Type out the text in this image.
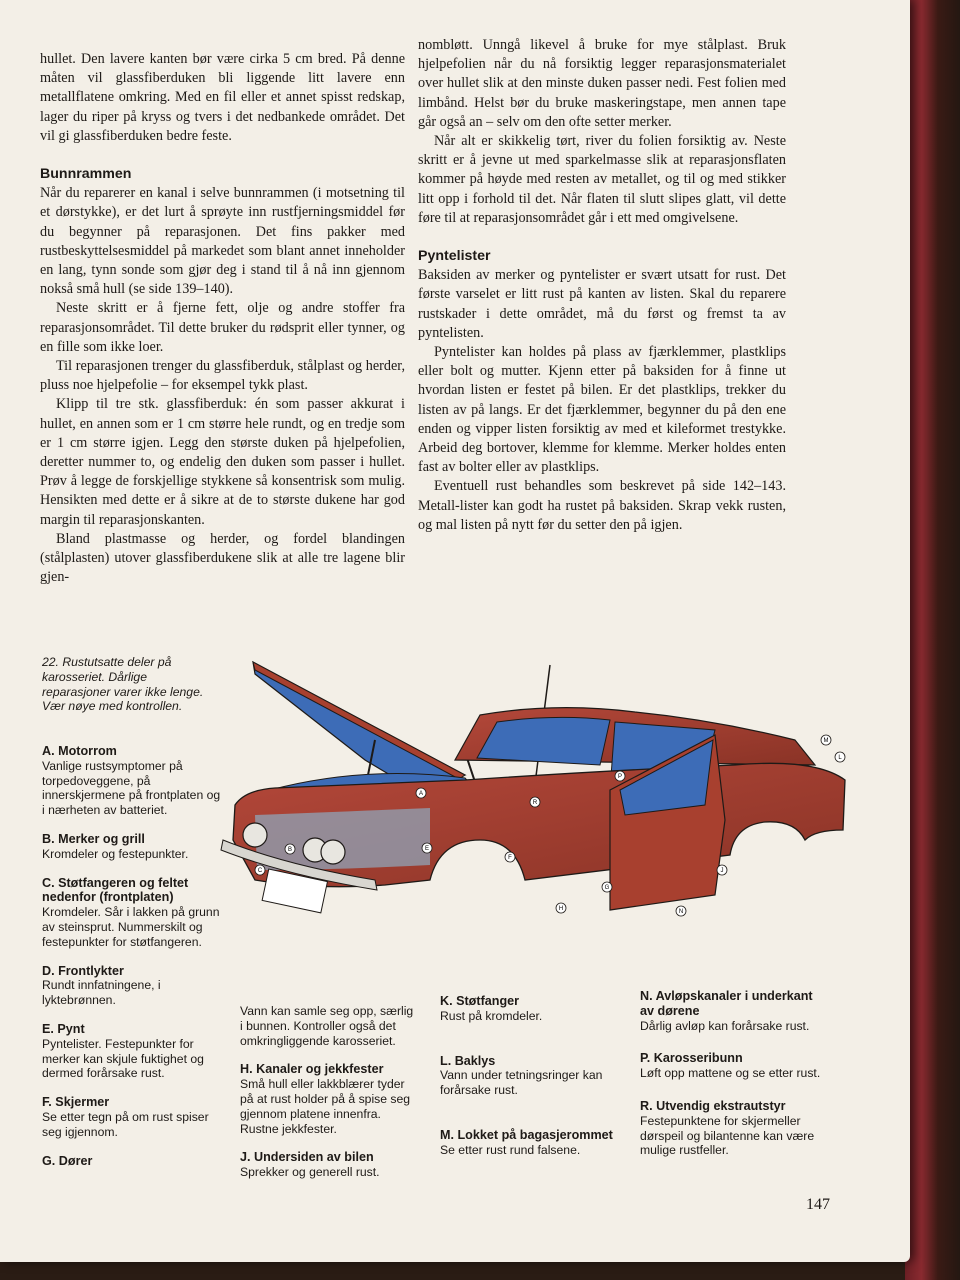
hullet. Den lavere kanten bør være cirka 5 cm bred. På denne måten vil glassfiberduken bli liggende litt lavere enn metallflatene omkring. Med en fil eller et annet spisst redskap, lager du riper på kryss og tvers i det nedbankede området. Det vil gi glassfiberduken bedre feste.

Bunnrammen

Når du reparerer en kanal i selve bunnrammen (i motsetning til et dørstykke), er det lurt å sprøyte inn rustfjerningsmiddel før du begynner på reparasjonen. Det fins pakker med rustbeskyttelsesmiddel på markedet som blant annet inneholder en lang, tynn sonde som gjør deg i stand til å nå inn gjennom nokså små hull (se side 139–140).

Neste skritt er å fjerne fett, olje og andre stoffer fra reparasjonsområdet. Til dette bruker du rødsprit eller tynner, og en fille som ikke loer.

Til reparasjonen trenger du glassfiberduk, stålplast og herder, pluss noe hjelpefolie – for eksempel tykk plast.

Klipp til tre stk. glassfiberduk: én som passer akkurat i hullet, en annen som er 1 cm større hele rundt, og en tredje som er 1 cm større igjen. Legg den største duken på hjelpefolien, deretter nummer to, og endelig den duken som passer i hullet. Prøv å legge de forskjellige stykkene så konsentrisk som mulig. Hensikten med dette er å sikre at de to største dukene har god margin til reparasjonskanten.

Bland plastmasse og herder, og fordel blandingen (stålplasten) utover glassfiberdukene slik at alle tre lagene blir gjen-

nombløtt. Unngå likevel å bruke for mye stålplast. Bruk hjelpefolien når du nå forsiktig legger reparasjonsmaterialet over hullet slik at den minste duken passer nedi. Fest folien med limbånd. Helst bør du bruke maskeringstape, men annen tape går også an – selv om den ofte setter merker.

Når alt er skikkelig tørt, river du folien forsiktig av. Neste skritt er å jevne ut med sparkelmasse slik at reparasjonsflaten kommer på høyde med resten av metallet, og til og med stikker litt opp i forhold til det. Når flaten til slutt slipes glatt, vil dette føre til at reparasjonsområdet går i ett med omgivelsene.

Pyntelister

Baksiden av merker og pyntelister er svært utsatt for rust. Det første varselet er litt rust på kanten av listen. Skal du reparere rustskader i dette området, må du først og fremst ta av pyntelisten.

Pyntelister kan holdes på plass av fjærklemmer, plastklips eller bolt og mutter. Kjenn etter på baksiden for å finne ut hvordan listen er festet på bilen. Er det plastklips, trekker du listen av på langs. Er det fjærklemmer, begynner du på den ene enden og vipper listen forsiktig av med et kileformet trestykke. Arbeid deg bortover, klemme for klemme. Merker holdes enten fast av bolter eller av plastklips.

Eventuell rust behandles som beskrevet på side 142–143. Metall-lister kan godt ha rustet på baksiden. Skrap vekk rusten, og mal listen på nytt før du setter den på igjen.

22. Rustutsatte deler på karosseriet. Dårlige reparasjoner varer ikke lenge. Vær nøye med kontrollen.
A. Motorrom
Vanlige rustsymptomer på torpedoveggene, på innerskjermene på frontplaten og i nærheten av batteriet.
B. Merker og grill
Kromdeler og festepunkter.
C. Støtfangeren og feltet nedenfor (frontplaten)
Kromdeler. Sår i lakken på grunn av steinsprut. Nummerskilt og festepunkter for støtfangeren.
D. Frontlykter
Rundt innfatningene, i lyktebrønnen.
E. Pynt
Pyntelister. Festepunkter for merker kan skjule fuktighet og dermed forårsake rust.
F. Skjermer
Se etter tegn på om rust spiser seg igjennom.
G. Dører
Vann kan samle seg opp, særlig i bunnen. Kontroller også det omkringliggende karosseriet.
H. Kanaler og jekkfester
Små hull eller lakkblærer tyder på at rust holder på å spise seg gjennom platene innenfra. Rustne jekkfester.
J. Undersiden av bilen
Sprekker og generell rust.
K. Støtfanger
Rust på kromdeler.
L. Baklys
Vann under tetningsringer kan forårsake rust.
M. Lokket på bagasjerommet
Se etter rust rund falsene.
N. Avløpskanaler i underkant av dørene
Dårlig avløp kan forårsake rust.
P. Karosseribunn
Løft opp mattene og se etter rust.
R. Utvendig ekstrautstyr
Festepunktene for skjermeller dørspeil og bilantenne kan være mulige rustfeller.
147
A
B
C
E
F
G
H
J
L
M
N
P
R
